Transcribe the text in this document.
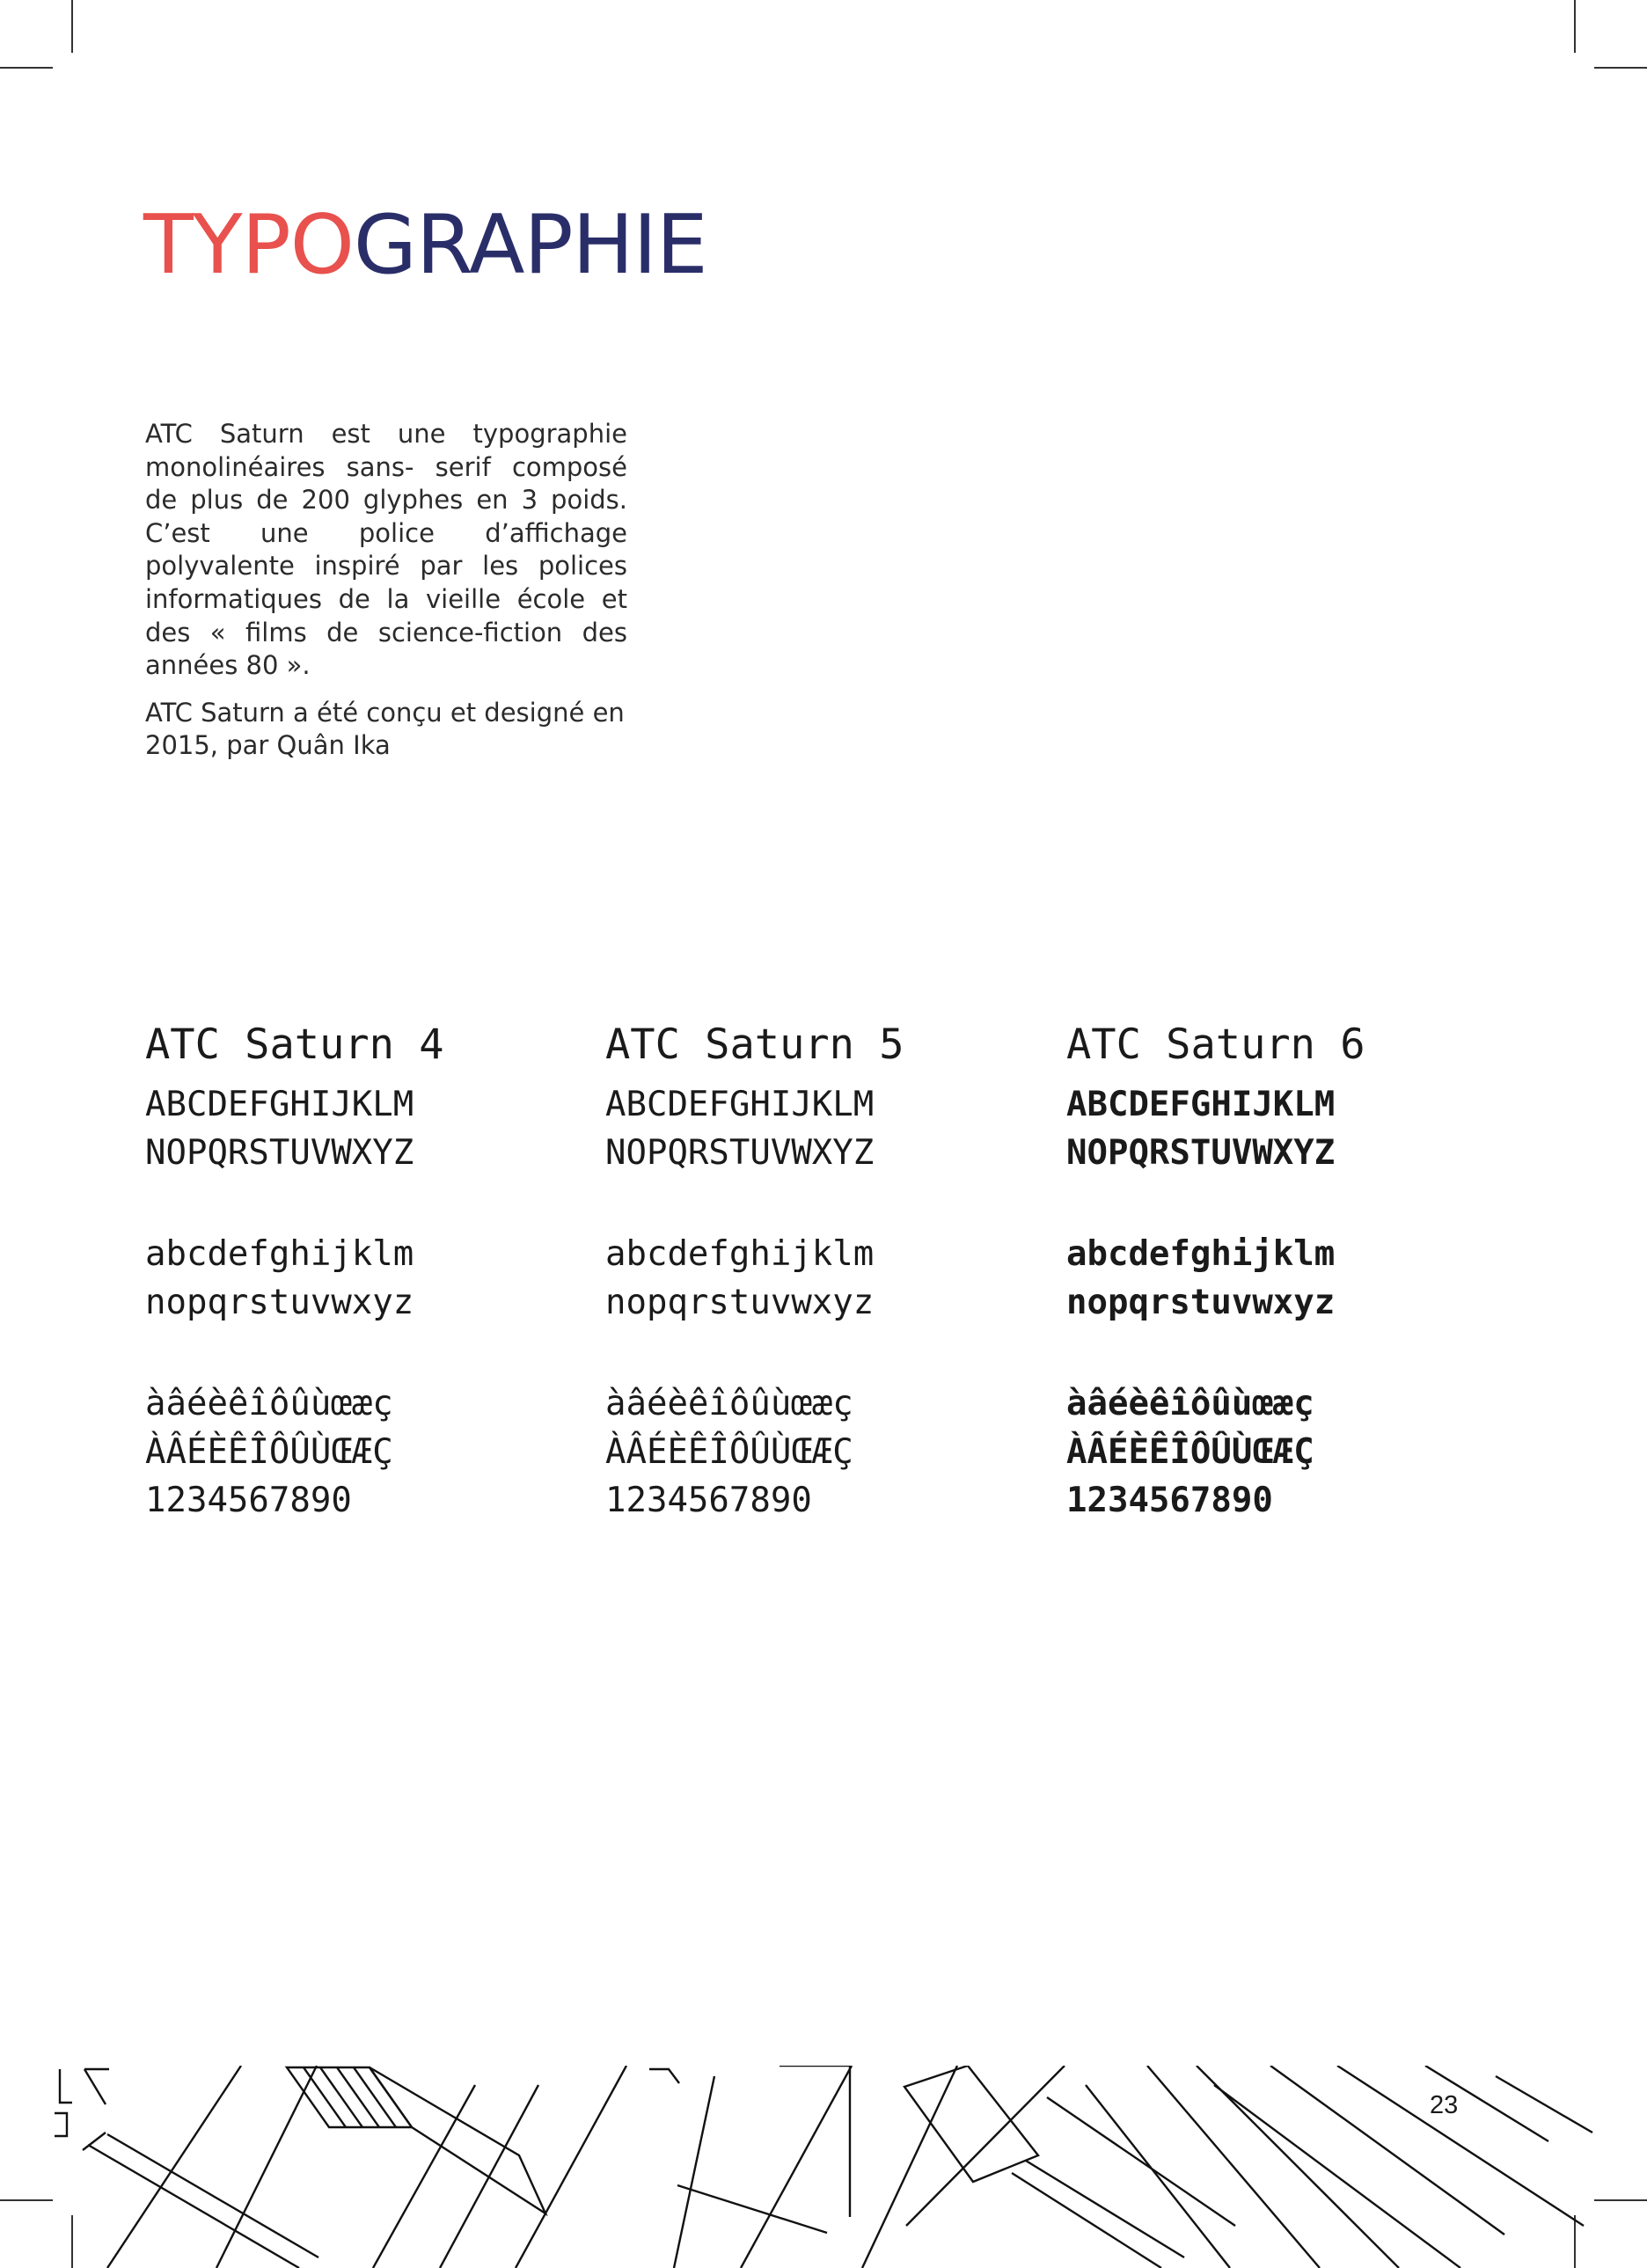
TYPOGRAPHIE

ATC Saturn est une typographie monolinéaires sans- serif composé de plus de 200 glyphes en 3 poids. C’est une police d’affichage polyvalente inspiré par les polices informatiques de la vieille école et des « films de science-fiction des années 80 ».

ATC Saturn a été conçu et designé en 2015, par Quân Ika

ATC Saturn 4
ABCDEFGHIJKLM
NOPQRSTUVWXYZ
abcdefghijklm
nopqrstuvwxyz
àâéèêîôûùœæç
ÀÂÉÈÊÎÔÛÙŒÆÇ
1234567890
ATC Saturn 5
ABCDEFGHIJKLM
NOPQRSTUVWXYZ
abcdefghijklm
nopqrstuvwxyz
àâéèêîôûùœæç
ÀÂÉÈÊÎÔÛÙŒÆÇ
1234567890
ATC Saturn 6
ABCDEFGHIJKLM
NOPQRSTUVWXYZ
abcdefghijklm
nopqrstuvwxyz
àâéèêîôûùœæç
ÀÂÉÈÊÎÔÛÙŒÆÇ
1234567890
23
